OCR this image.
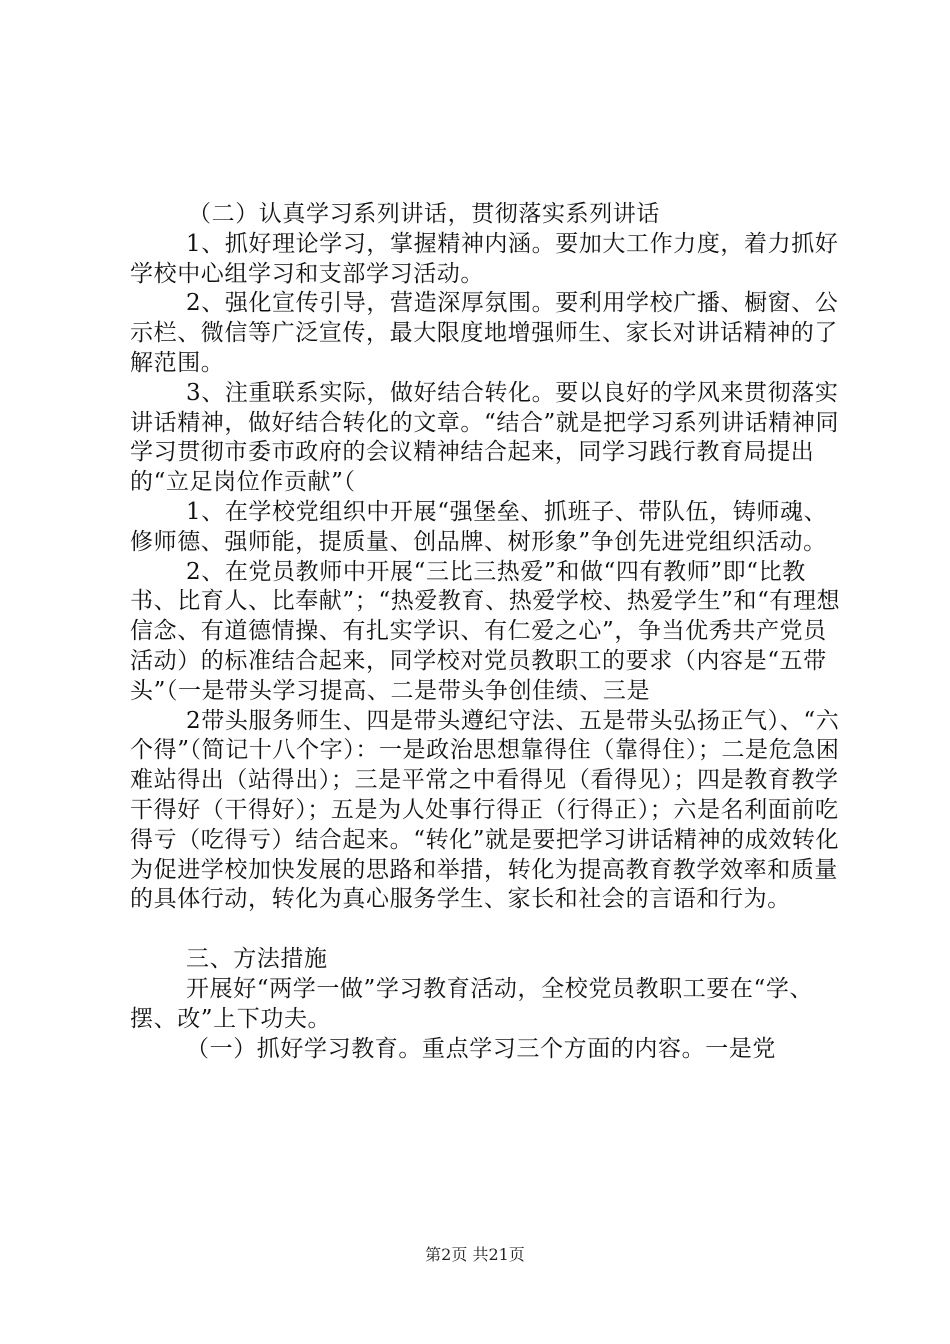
（二）认真学习系列讲话，贯彻落实系列讲话

1、抓好理论学习，掌握精神内涵。要加大工作力度，着力抓好学校中心组学习和支部学习活动。

2、强化宣传引导，营造深厚氛围。要利用学校广播、橱窗、公示栏、微信等广泛宣传，最大限度地增强师生、家长对讲话精神的了解范围。

3、注重联系实际，做好结合转化。要以良好的学风来贯彻落实讲话精神，做好结合转化的文章。“结合”就是把学习系列讲话精神同学习贯彻市委市政府的会议精神结合起来，同学习践行教育局提出的“立足岗位作贡献”（

1、在学校党组织中开展“强堡垒、抓班子、带队伍，铸师魂、修师德、强师能，提质量、创品牌、树形象”争创先进党组织活动。

2、在党员教师中开展“三比三热爱”和做“四有教师”即“比教书、比育人、比奉献”；“热爱教育、热爱学校、热爱学生”和“有理想信念、有道德情操、有扎实学识、有仁爱之心”，争当优秀共产党员活动）的标准结合起来，同学校对党员教职工的要求（内容是“五带头”（一是带头学习提高、二是带头争创佳绩、三是

2带头服务师生、四是带头遵纪守法、五是带头弘扬正气）、“六个得”（简记十八个字）：一是政治思想靠得住（靠得住）；二是危急困难站得出（站得出）；三是平常之中看得见（看得见）；四是教育教学干得好（干得好）；五是为人处事行得正（行得正）；六是名利面前吃得亏（吃得亏）结合起来。“转化”就是要把学习讲话精神的成效转化为促进学校加快发展的思路和举措，转化为提高教育教学效率和质量的具体行动，转化为真心服务学生、家长和社会的言语和行为。

三、方法措施

开展好“两学一做”学习教育活动，全校党员教职工要在“学、摆、改”上下功夫。

（一）抓好学习教育。重点学习三个方面的内容。一是党

第2页 共21页
